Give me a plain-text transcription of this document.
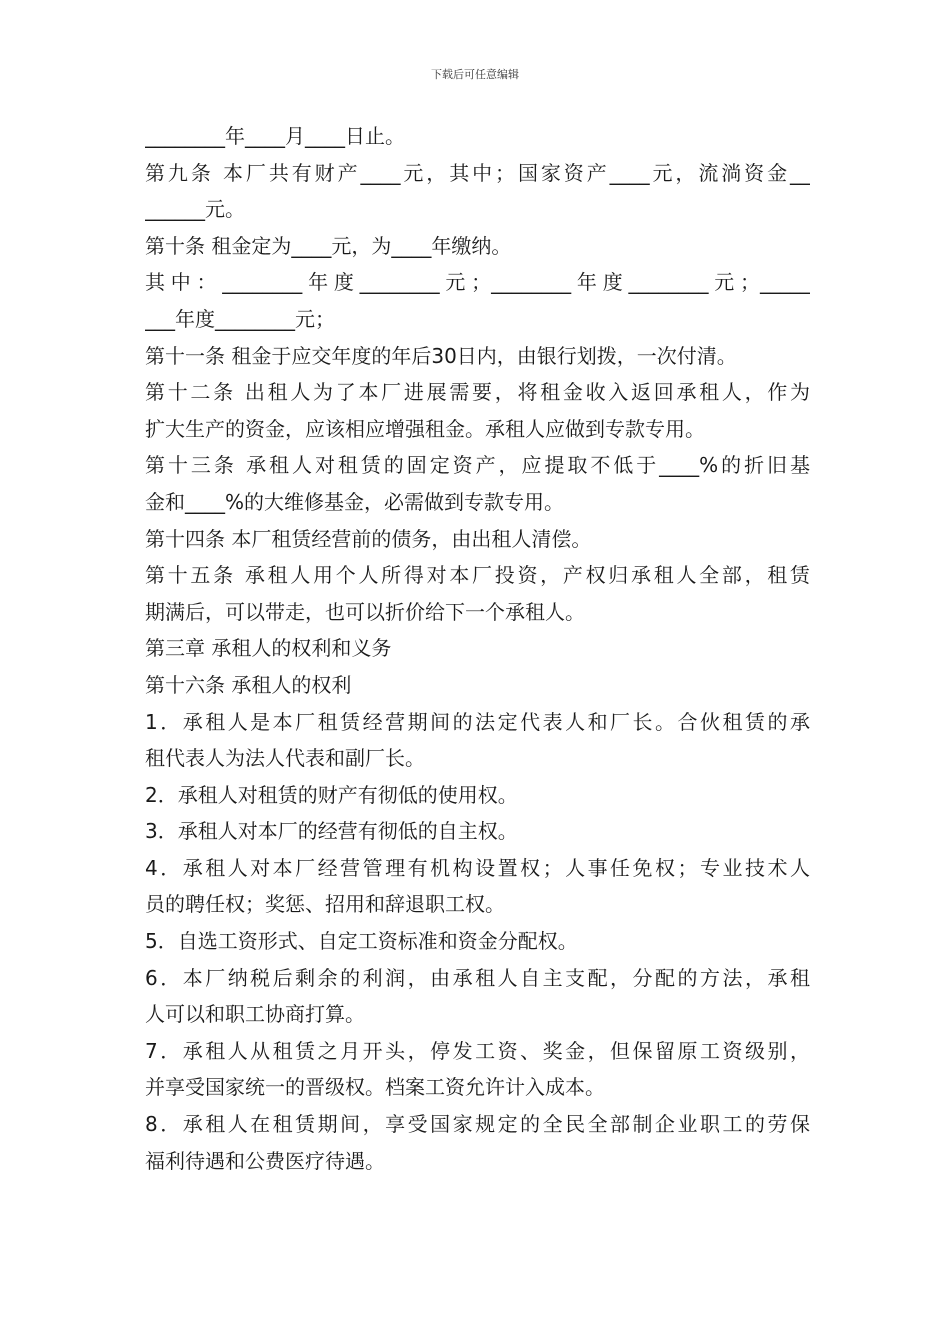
下载后可任意编辑
________年____月____日止。
第九条 本厂共有财产____元，其中；国家资产____元，流淌资金__
______元。
第十条 租金定为____元，为____年缴纳。
其中：________年度________元；________年度________元；_____
___年度________元；
第十一条 租金于应交年度的年后30日内，由银行划拨，一次付清。
第十二条 出租人为了本厂进展需要，将租金收入返回承租人，作为
扩大生产的资金，应该相应增强租金。承租人应做到专款专用。
第十三条 承租人对租赁的固定资产，应提取不低于____%的折旧基
金和____%的大维修基金，必需做到专款专用。
第十四条 本厂租赁经营前的债务，由出租人清偿。
第十五条 承租人用个人所得对本厂投资，产权归承租人全部，租赁
期满后，可以带走，也可以折价给下一个承租人。
第三章 承租人的权利和义务
第十六条 承租人的权利
1．承租人是本厂租赁经营期间的法定代表人和厂长。合伙租赁的承
租代表人为法人代表和副厂长。
2．承租人对租赁的财产有彻低的使用权。
3．承租人对本厂的经营有彻低的自主权。
4．承租人对本厂经营管理有机构设置权；人事任免权；专业技术人
员的聘任权；奖惩、招用和辞退职工权。
5．自选工资形式、自定工资标准和资金分配权。
6．本厂纳税后剩余的利润，由承租人自主支配，分配的方法，承租
人可以和职工协商打算。
7．承租人从租赁之月开头，停发工资、奖金，但保留原工资级别，
并享受国家统一的晋级权。档案工资允许计入成本。
8．承租人在租赁期间，享受国家规定的全民全部制企业职工的劳保
福利待遇和公费医疗待遇。
